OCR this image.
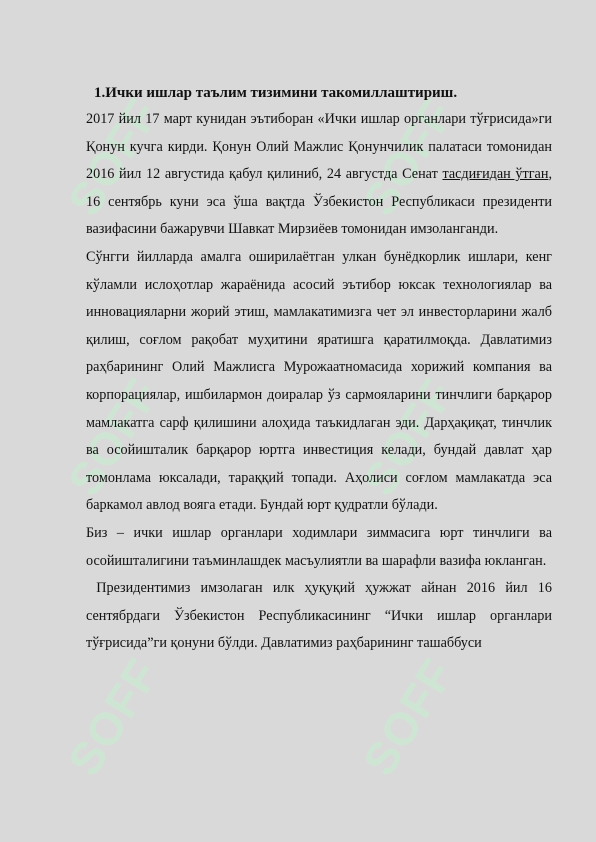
SOFF	SOFF
SOFF	SOFF
SOFF	SOFF

1.Ички ишлар таълим тизимини такомиллаштириш.

2017 йил 17 март кунидан эътиборан «Ички ишлар органлари тўғрисида»ги Қонун кучга кирди. Қонун Олий Мажлис Қонунчилик палатаси томонидан 2016 йил 12 августида қабул қилиниб, 24 августда Сенат тасдиғидан ўтган, 16 сентябрь куни эса ўша вақтда Ўзбекистон Республикаси президенти вазифасини бажарувчи Шавкат Мирзиёев томонидан имзоланганди.

Сўнгги йилларда амалга оширилаётган улкан бунёдкорлик ишлари, кенг кўламли ислоҳотлар жараёнида асосий эътибор юксак технологиялар ва инновацияларни жорий этиш, мамлакатимизга чет эл инвесторларини жалб қилиш, соғлом рақобат муҳитини яратишга қаратилмоқда. Давлатимиз раҳбарининг Олий Мажлисга Мурожаатномасида хорижий компания ва корпорациялар, ишбилармон доиралар ўз сармояларини тинчлиги барқарор мамлакатга сарф қилишини алоҳида таъкидлаган эди. Дарҳақиқат, тинчлик ва осойишталик барқарор юртга инвестиция келади, бундай давлат ҳар томонлама юксалади, тараққий топади. Аҳолиси соғлом мамлакатда эса баркамол авлод вояга етади. Бундай юрт қудратли бўлади.

Биз – ички ишлар органлари ходимлари зиммасига юрт тинчлиги ва осойишталигини таъминлашдек масъулиятли ва шарафли вазифа юкланган.

Президентимиз имзолаган илк ҳуқуқий ҳужжат айнан 2016 йил 16 сентябрдаги Ўзбекистон Республикасининг “Ички ишлар органлари тўғрисида”ги қонуни бўлди. Давлатимиз раҳбарининг ташаббуси
